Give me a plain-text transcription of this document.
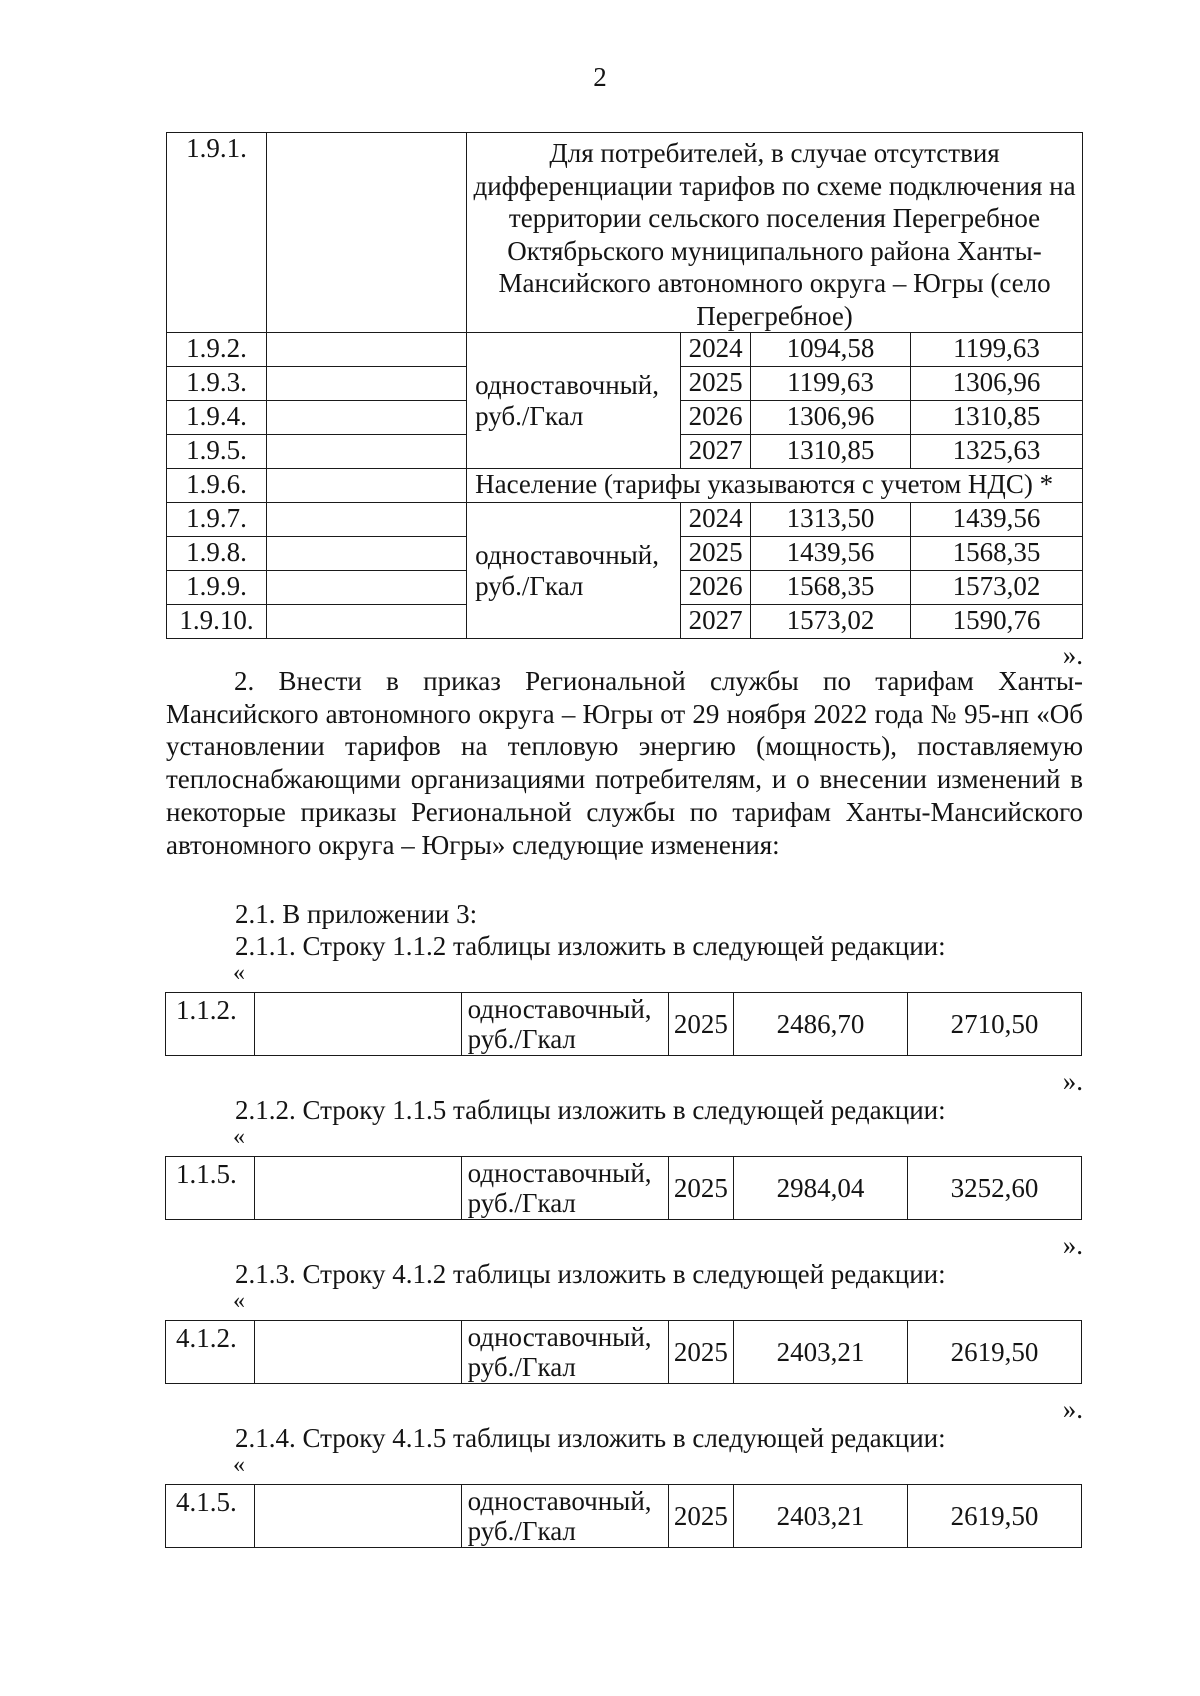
2
1.9.1.		Для потребителей, в случае отсутствия дифференциации тарифов по схеме подключения на территории сельского поселения Перегребное Октябрьского муниципального района Ханты-Мансийского автономного округа – Югры (село Перегребное)			
1.9.2.		одноставочный, руб./Гкал	2024	1094,58	1199,63
1.9.3.			2025	1199,63	1306,96
1.9.4.			2026	1306,96	1310,85
1.9.5.			2027	1310,85	1325,63
1.9.6.		Население (тарифы указываются с учетом НДС) *			
1.9.7.		одноставочный, руб./Гкал	2024	1313,50	1439,56
1.9.8.			2025	1439,56	1568,35
1.9.9.			2026	1568,35	1573,02
1.9.10.			2027	1573,02	1590,76
».
2. Внести в приказ Региональной службы по тарифам Ханты-Мансийского автономного округа – Югры от 29 ноября 2022 года № 95-нп «Об установлении тарифов на тепловую энергию (мощность), поставляемую теплоснабжающими организациями потребителям, и о внесении изменений в некоторые приказы Региональной службы по тарифам Ханты-Мансийского автономного округа – Югры» следующие изменения:
2.1. В приложении 3:
2.1.1. Строку 1.1.2 таблицы изложить в следующей редакции:
«
1.1.2.		одноставочный, руб./Гкал	2025	2486,70	2710,50
».
2.1.2. Строку 1.1.5 таблицы изложить в следующей редакции:
«
1.1.5.		одноставочный, руб./Гкал	2025	2984,04	3252,60
».
2.1.3. Строку 4.1.2 таблицы изложить в следующей редакции:
«
4.1.2.		одноставочный, руб./Гкал	2025	2403,21	2619,50
».
2.1.4. Строку 4.1.5 таблицы изложить в следующей редакции:
«
4.1.5.		одноставочный, руб./Гкал	2025	2403,21	2619,50
